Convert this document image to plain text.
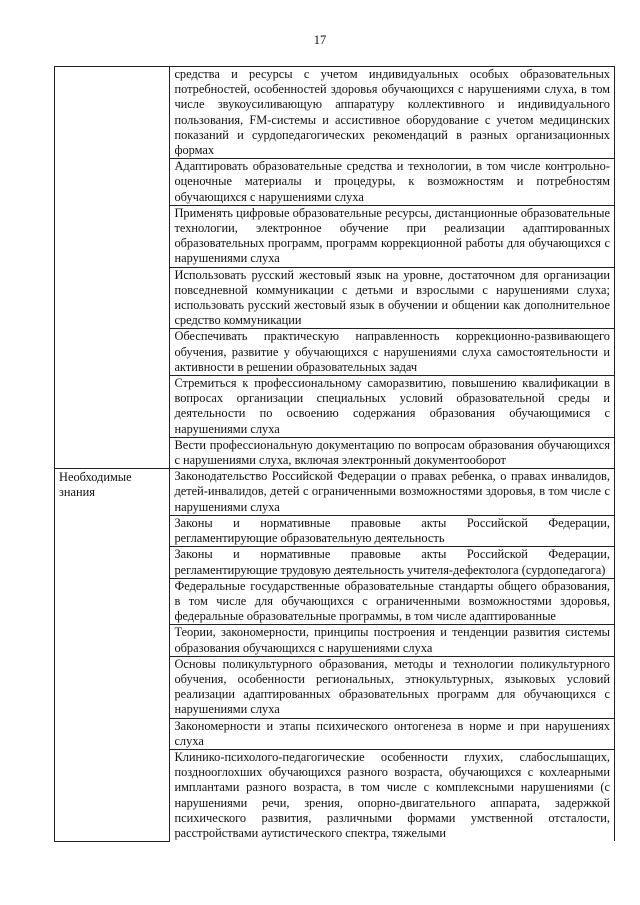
17
	средства и ресурсы с учетом индивидуальных особых образовательных потребностей, особенностей здоровья обучающихся с нарушениями слуха, в том числе звукоусиливающую аппаратуру коллективного и индивидуального пользования, FM-системы и ассистивное оборудование с учетом медицинских показаний и сурдопедагогических рекомендаций в разных организационных формах
	Адаптировать образовательные средства и технологии, в том числе контрольно-оценочные материалы и процедуры, к возможностям и потребностям обучающихся с нарушениями слуха
	Применять цифровые образовательные ресурсы, дистанционные образовательные технологии, электронное обучение при реализации адаптированных образовательных программ, программ коррекционной работы для обучающихся с нарушениями слуха
	Использовать русский жестовый язык на уровне, достаточном для организации повседневной коммуникации с детьми и взрослыми с нарушениями слуха; использовать русский жестовый язык в обучении и общении как дополнительное средство коммуникации
	Обеспечивать практическую направленность коррекционно-развивающего обучения, развитие у обучающихся с нарушениями слуха самостоятельности и активности в решении образовательных задач
	Стремиться к профессиональному саморазвитию, повышению квалификации в вопросах организации специальных условий образовательной среды и деятельности по освоению содержания образования обучающимися с нарушениями слуха
	Вести профессиональную документацию по вопросам образования обучающихся с нарушениями слуха, включая электронный документооборот
Необходимые знания	Законодательство Российской Федерации о правах ребенка, о правах инвалидов, детей-инвалидов, детей с ограниченными возможностями здоровья, в том числе с нарушениями слуха
	Законы и нормативные правовые акты Российской Федерации, регламентирующие образовательную деятельность
	Законы и нормативные правовые акты Российской Федерации, регламентирующие трудовую деятельность учителя-дефектолога (сурдопедагога)
	Федеральные государственные образовательные стандарты общего образования, в том числе для обучающихся с ограниченными возможностями здоровья, федеральные образовательные программы, в том числе адаптированные
	Теории, закономерности, принципы построения и тенденции развития системы образования обучающихся с нарушениями слуха
	Основы поликультурного образования, методы и технологии поликультурного обучения, особенности региональных, этнокультурных, языковых условий реализации адаптированных образовательных программ для обучающихся с нарушениями слуха
	Закономерности и этапы психического онтогенеза в норме и при нарушениях слуха
	Клинико-психолого-педагогические особенности глухих, слабослышащих, позднооглохших обучающихся разного возраста, обучающихся с кохлеарными имплантами разного возраста, в том числе с комплексными нарушениями (с нарушениями речи, зрения, опорно-двигательного аппарата, задержкой психического развития, различными формами умственной отсталости, расстройствами аутистического спектра, тяжелыми
